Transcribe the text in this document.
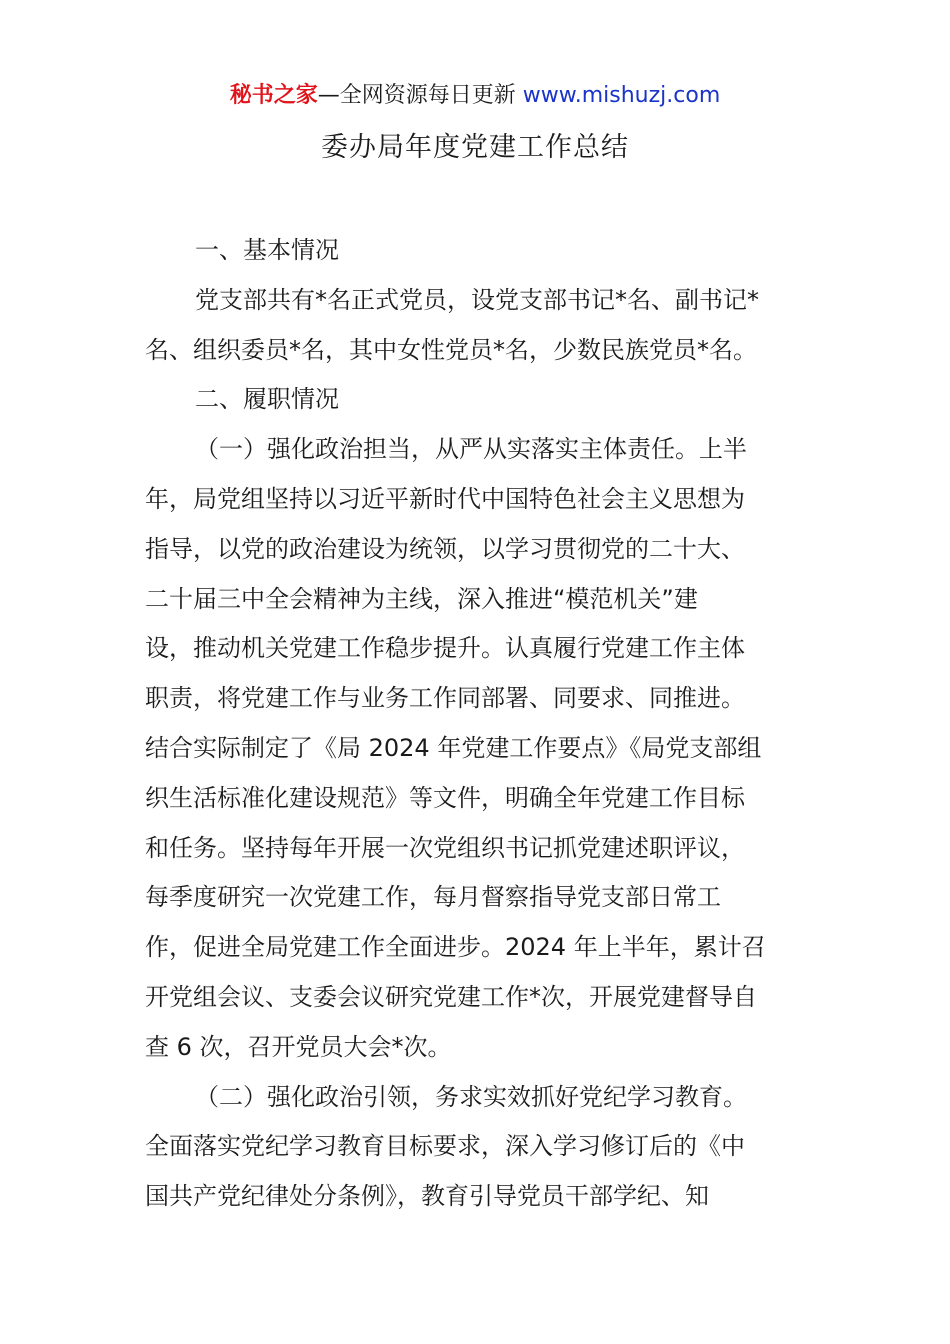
秘书之家—全网资源每日更新 www.mishuzj.com
委办局年度党建工作总结
一、基本情况
党支部共有*名正式党员，设党支部书记*名、副书记*
名、组织委员*名，其中女性党员*名，少数民族党员*名。
二、履职情况
（一）强化政治担当，从严从实落实主体责任。上半
年，局党组坚持以习近平新时代中国特色社会主义思想为
指导，以党的政治建设为统领，以学习贯彻党的二十大、
二十届三中全会精神为主线，深入推进“模范机关”建
设，推动机关党建工作稳步提升。认真履行党建工作主体
职责，将党建工作与业务工作同部署、同要求、同推进。
结合实际制定了《局 2024 年党建工作要点》《局党支部组
织生活标准化建设规范》等文件，明确全年党建工作目标
和任务。坚持每年开展一次党组织书记抓党建述职评议，
每季度研究一次党建工作，每月督察指导党支部日常工
作，促进全局党建工作全面进步。2024 年上半年，累计召
开党组会议、支委会议研究党建工作*次，开展党建督导自
查 6 次，召开党员大会*次。
（二）强化政治引领，务求实效抓好党纪学习教育。
全面落实党纪学习教育目标要求，深入学习修订后的《中
国共产党纪律处分条例》，教育引导党员干部学纪、知
